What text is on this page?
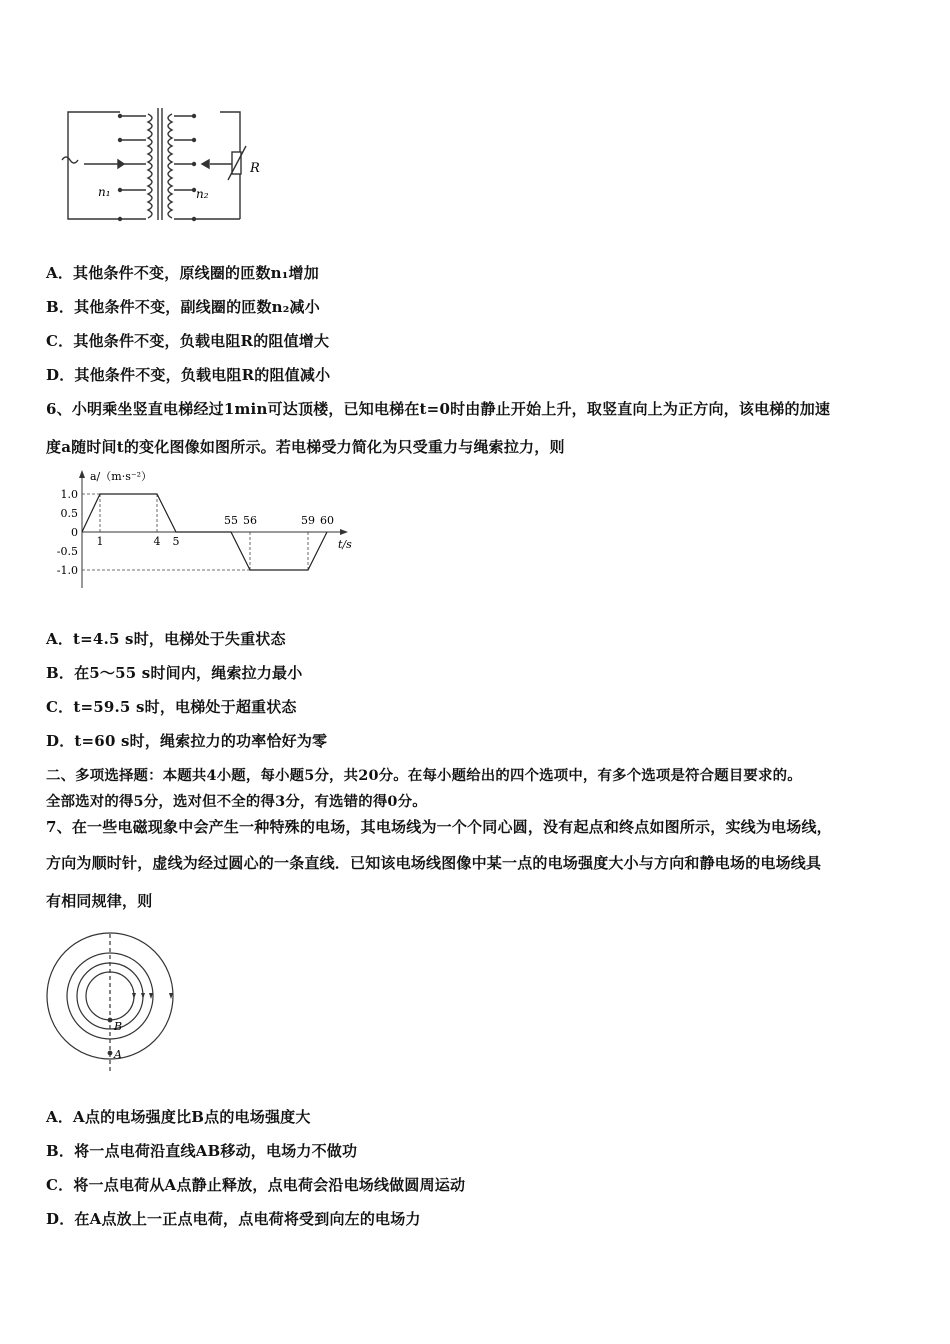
n₁	n₂
R
A．其他条件不变，原线圈的匝数n₁增加
B．其他条件不变，副线圈的匝数n₂减小
C．其他条件不变，负载电阻R的阻值增大
D．其他条件不变，负载电阻R的阻值减小
6、小明乘坐竖直电梯经过1min可达顶楼，已知电梯在t=0时由静止开始上升，取竖直向上为正方向，该电梯的加速
度a随时间t的变化图像如图所示。若电梯受力简化为只受重力与绳索拉力，则
a/（m·s⁻²）
t/s
1.0
0.5
0
-0.5
-1.0
1	4 5
55 56	59 60
A．t=4.5 s时，电梯处于失重状态
B．在5～55 s时间内，绳索拉力最小
C．t=59.5 s时，电梯处于超重状态
D．t=60 s时，绳索拉力的功率恰好为零
二、多项选择题：本题共4小题，每小题5分，共20分。在每小题给出的四个选项中，有多个选项是符合题目要求的。
全部选对的得5分，选对但不全的得3分，有选错的得0分。
7、在一些电磁现象中会产生一种特殊的电场，其电场线为一个个同心圆，没有起点和终点如图所示，实线为电场线，
方向为顺时针，虚线为经过圆心的一条直线．已知该电场线图像中某一点的电场强度大小与方向和静电场的电场线具
有相同规律，则
B
A
A．A点的电场强度比B点的电场强度大
B．将一点电荷沿直线AB移动，电场力不做功
C．将一点电荷从A点静止释放，点电荷会沿电场线做圆周运动
D．在A点放上一正点电荷，点电荷将受到向左的电场力
